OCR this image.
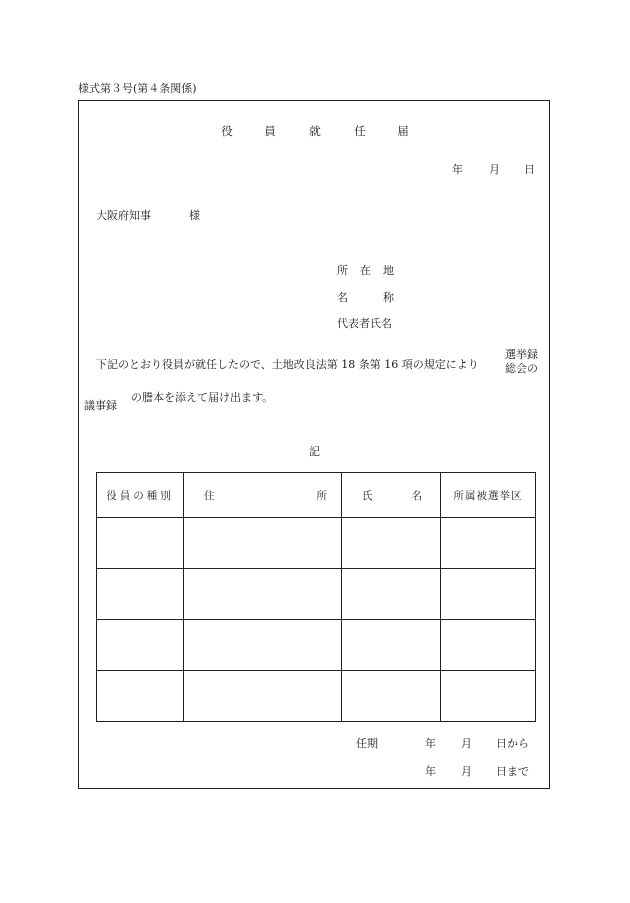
様式第３号(第４条関係)
役	員	就	任	届
年 月 日
大阪府知事	様
所 在 地
名	称
代表者氏名
下記のとおり役員が就任したので、土地改良法第 18 条第 16 項の規定により
選挙録
総会の
議事録
の謄本を添えて届け出ます。
記
役員の種別	住 所	氏 名	所属被選挙区

任期	年 月 日から
年 月 日まで
